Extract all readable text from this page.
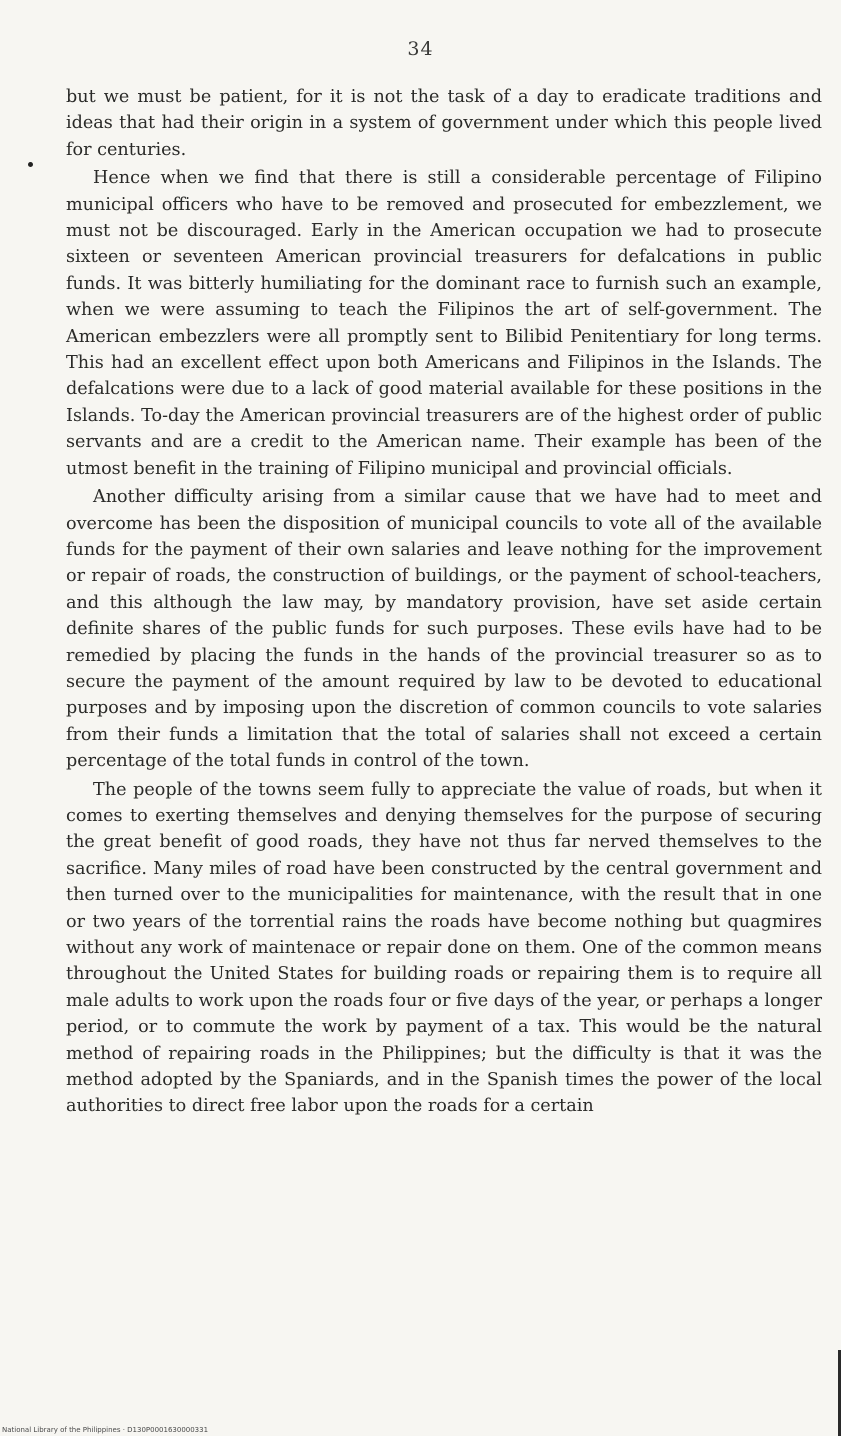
34

but we must be patient, for it is not the task of a day to eradicate traditions and ideas that had their origin in a system of government under which this people lived for centuries.

Hence when we find that there is still a considerable percentage of Filipino municipal officers who have to be removed and prosecuted for embezzlement, we must not be discouraged. Early in the American occupation we had to prosecute sixteen or seventeen American provincial treasurers for defalcations in public funds. It was bitterly humiliating for the dominant race to furnish such an example, when we were assuming to teach the Filipinos the art of self-government. The American embezzlers were all promptly sent to Bilibid Penitentiary for long terms. This had an excellent effect upon both Americans and Filipinos in the Islands. The defalcations were due to a lack of good material available for these positions in the Islands. To-day the American provincial treasurers are of the highest order of public servants and are a credit to the American name. Their example has been of the utmost benefit in the training of Filipino municipal and provincial officials.

Another difficulty arising from a similar cause that we have had to meet and overcome has been the disposition of municipal councils to vote all of the available funds for the payment of their own salaries and leave nothing for the improvement or repair of roads, the construction of buildings, or the payment of school-teachers, and this although the law may, by mandatory provision, have set aside certain definite shares of the public funds for such purposes. These evils have had to be remedied by placing the funds in the hands of the provincial treasurer so as to secure the payment of the amount required by law to be devoted to educational purposes and by imposing upon the discretion of common councils to vote salaries from their funds a limitation that the total of salaries shall not exceed a certain percentage of the total funds in control of the town.

The people of the towns seem fully to appreciate the value of roads, but when it comes to exerting themselves and denying themselves for the purpose of securing the great benefit of good roads, they have not thus far nerved themselves to the sacrifice. Many miles of road have been constructed by the central government and then turned over to the municipalities for maintenance, with the result that in one or two years of the torrential rains the roads have become nothing but quagmires without any work of maintenace or repair done on them. One of the common means throughout the United States for building roads or repairing them is to require all male adults to work upon the roads four or five days of the year, or perhaps a longer period, or to commute the work by payment of a tax. This would be the natural method of repairing roads in the Philippines; but the difficulty is that it was the method adopted by the Spaniards, and in the Spanish times the power of the local authorities to direct free labor upon the roads for a certain

National Library of the Philippines · D130P0001630000331
